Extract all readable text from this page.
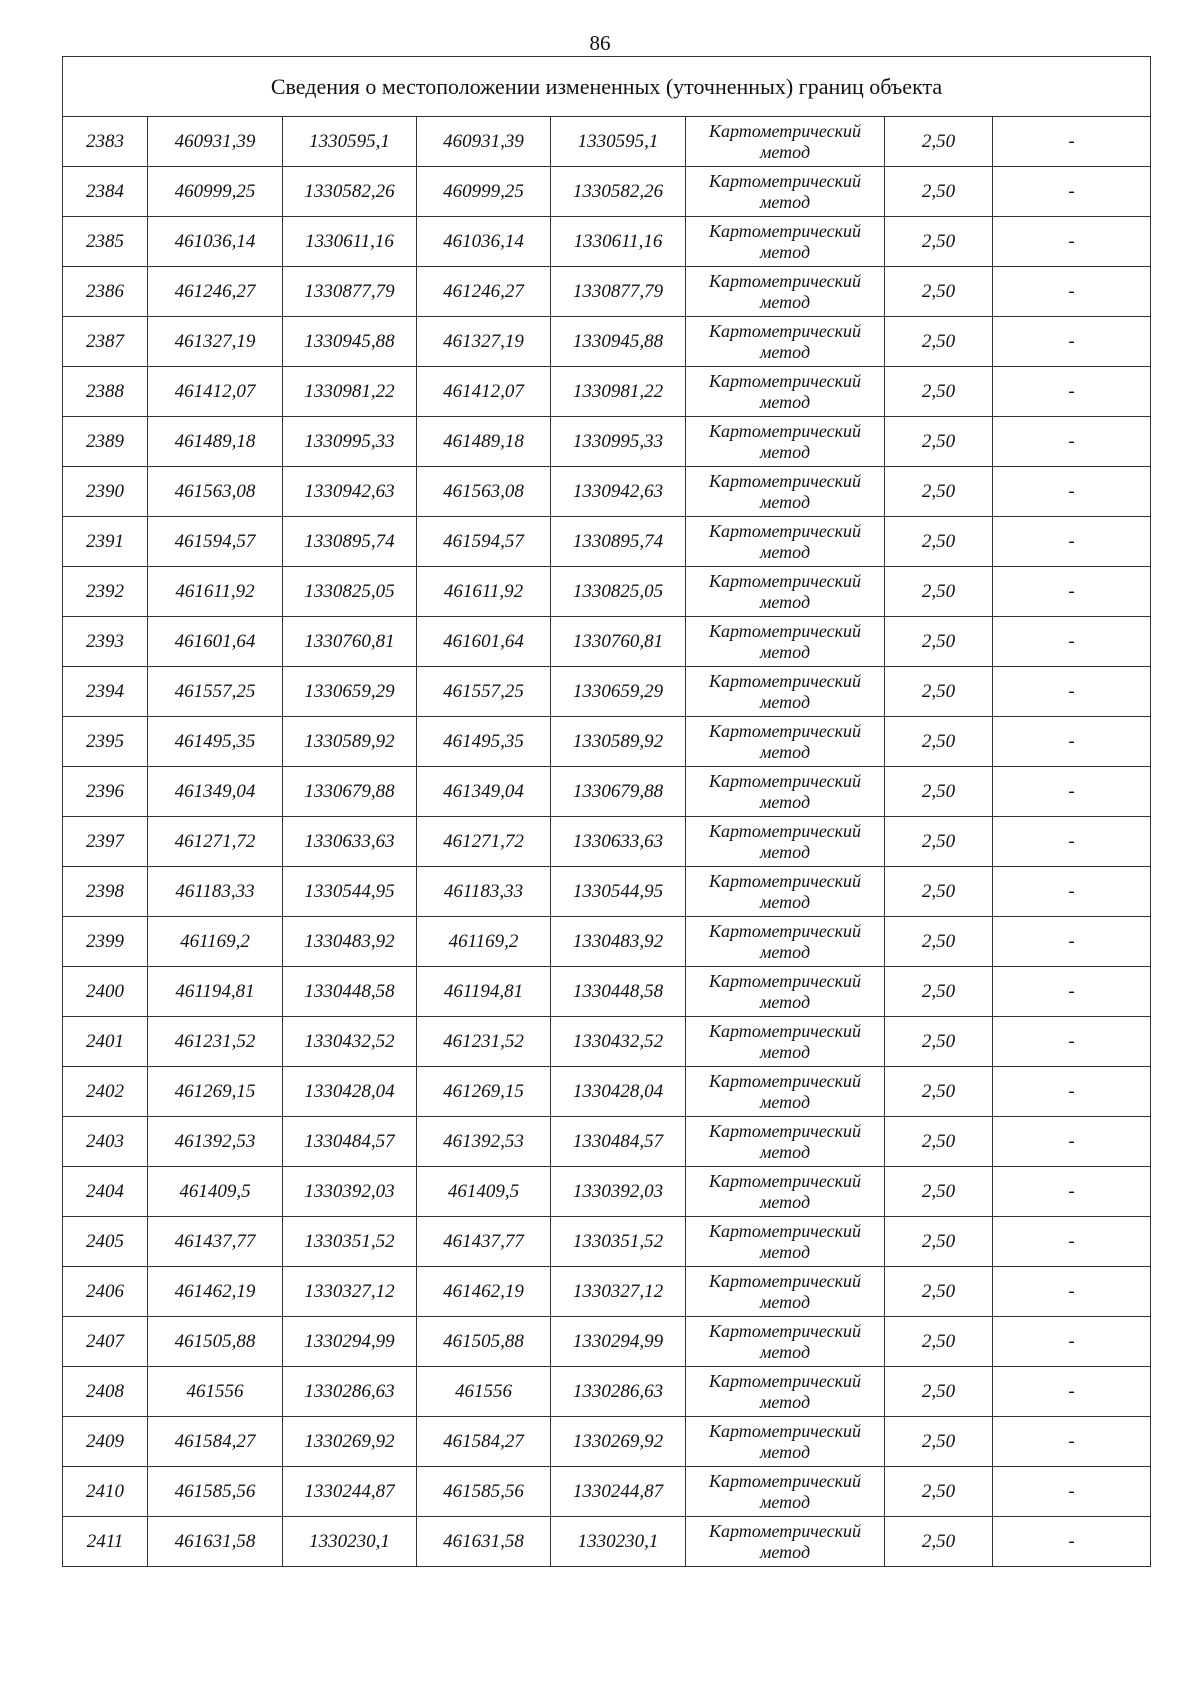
86
Сведения о местоположении измененных (уточненных) границ объекта							
2383	460931,39	1330595,1	460931,39	1330595,1	Картометрический
метод	2,50	-
2384	460999,25	1330582,26	460999,25	1330582,26	Картометрический
метод	2,50	-
2385	461036,14	1330611,16	461036,14	1330611,16	Картометрический
метод	2,50	-
2386	461246,27	1330877,79	461246,27	1330877,79	Картометрический
метод	2,50	-
2387	461327,19	1330945,88	461327,19	1330945,88	Картометрический
метод	2,50	-
2388	461412,07	1330981,22	461412,07	1330981,22	Картометрический
метод	2,50	-
2389	461489,18	1330995,33	461489,18	1330995,33	Картометрический
метод	2,50	-
2390	461563,08	1330942,63	461563,08	1330942,63	Картометрический
метод	2,50	-
2391	461594,57	1330895,74	461594,57	1330895,74	Картометрический
метод	2,50	-
2392	461611,92	1330825,05	461611,92	1330825,05	Картометрический
метод	2,50	-
2393	461601,64	1330760,81	461601,64	1330760,81	Картометрический
метод	2,50	-
2394	461557,25	1330659,29	461557,25	1330659,29	Картометрический
метод	2,50	-
2395	461495,35	1330589,92	461495,35	1330589,92	Картометрический
метод	2,50	-
2396	461349,04	1330679,88	461349,04	1330679,88	Картометрический
метод	2,50	-
2397	461271,72	1330633,63	461271,72	1330633,63	Картометрический
метод	2,50	-
2398	461183,33	1330544,95	461183,33	1330544,95	Картометрический
метод	2,50	-
2399	461169,2	1330483,92	461169,2	1330483,92	Картометрический
метод	2,50	-
2400	461194,81	1330448,58	461194,81	1330448,58	Картометрический
метод	2,50	-
2401	461231,52	1330432,52	461231,52	1330432,52	Картометрический
метод	2,50	-
2402	461269,15	1330428,04	461269,15	1330428,04	Картометрический
метод	2,50	-
2403	461392,53	1330484,57	461392,53	1330484,57	Картометрический
метод	2,50	-
2404	461409,5	1330392,03	461409,5	1330392,03	Картометрический
метод	2,50	-
2405	461437,77	1330351,52	461437,77	1330351,52	Картометрический
метод	2,50	-
2406	461462,19	1330327,12	461462,19	1330327,12	Картометрический
метод	2,50	-
2407	461505,88	1330294,99	461505,88	1330294,99	Картометрический
метод	2,50	-
2408	461556	1330286,63	461556	1330286,63	Картометрический
метод	2,50	-
2409	461584,27	1330269,92	461584,27	1330269,92	Картометрический
метод	2,50	-
2410	461585,56	1330244,87	461585,56	1330244,87	Картометрический
метод	2,50	-
2411	461631,58	1330230,1	461631,58	1330230,1	Картометрический
метод	2,50	-
